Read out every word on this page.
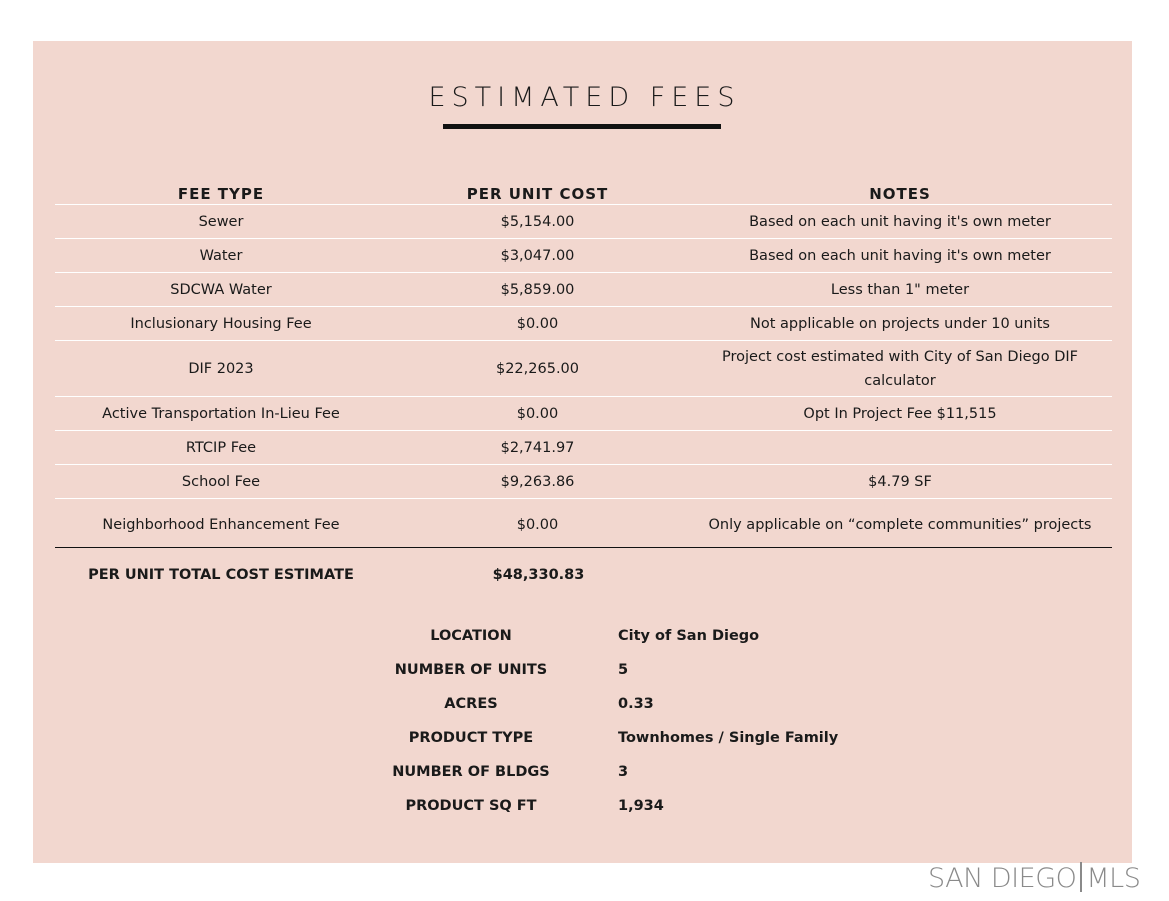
ESTIMATED FEES
FEE TYPE	PER UNIT COST	NOTES
Sewer	$5,154.00	Based on each unit having it's own meter
Water	$3,047.00	Based on each unit having it's own meter
SDCWA Water	$5,859.00	Less than 1" meter
Inclusionary Housing Fee	$0.00	Not applicable on projects under 10 units
DIF 2023	$22,265.00	Project cost estimated with City of San Diego DIF calculator
Active Transportation In-Lieu Fee	$0.00	Opt In Project Fee $11,515
RTCIP Fee	$2,741.97	
School Fee	$9,263.86	$4.79 SF
Neighborhood Enhancement Fee	$0.00	Only applicable on “complete communities” projects
PER UNIT TOTAL COST ESTIMATE	$48,330.83
LOCATION	City of San Diego
NUMBER OF UNITS	5
ACRES	0.33
PRODUCT TYPE	Townhomes / Single Family
NUMBER OF BLDGS	3
PRODUCT SQ FT	1,934
SAN DIEGO MLS
